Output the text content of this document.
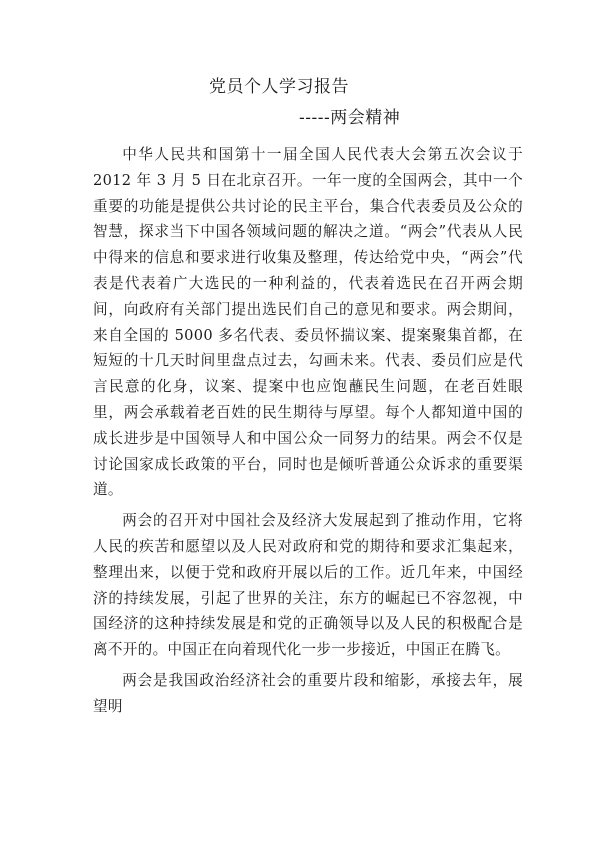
党员个人学习报告
-----两会精神

中华人民共和国第十一届全国人民代表大会第五次会议于 2012 年 3 月 5 日在北京召开。一年一度的全国两会，其中一个重要的功能是提供公共讨论的民主平台，集合代表委员及公众的智慧，探求当下中国各领域问题的解决之道。“两会”代表从人民中得来的信息和要求进行收集及整理，传达给党中央，“两会”代表是代表着广大选民的一种利益的，代表着选民在召开两会期间，向政府有关部门提出选民们自己的意见和要求。两会期间，来自全国的 5000 多名代表、委员怀揣议案、提案聚集首都，在短短的十几天时间里盘点过去，勾画未来。代表、委员们应是代言民意的化身，议案、提案中也应饱蘸民生问题，在老百姓眼里，两会承载着老百姓的民生期待与厚望。每个人都知道中国的成长进步是中国领导人和中国公众一同努力的结果。两会不仅是讨论国家成长政策的平台，同时也是倾听普通公众诉求的重要渠道。

两会的召开对中国社会及经济大发展起到了推动作用，它将人民的疾苦和愿望以及人民对政府和党的期待和要求汇集起来，整理出来，以便于党和政府开展以后的工作。近几年来，中国经济的持续发展，引起了世界的关注，东方的崛起已不容忽视，中国经济的这种持续发展是和党的正确领导以及人民的积极配合是离不开的。中国正在向着现代化一步一步接近，中国正在腾飞。

两会是我国政治经济社会的重要片段和缩影，承接去年，展望明
